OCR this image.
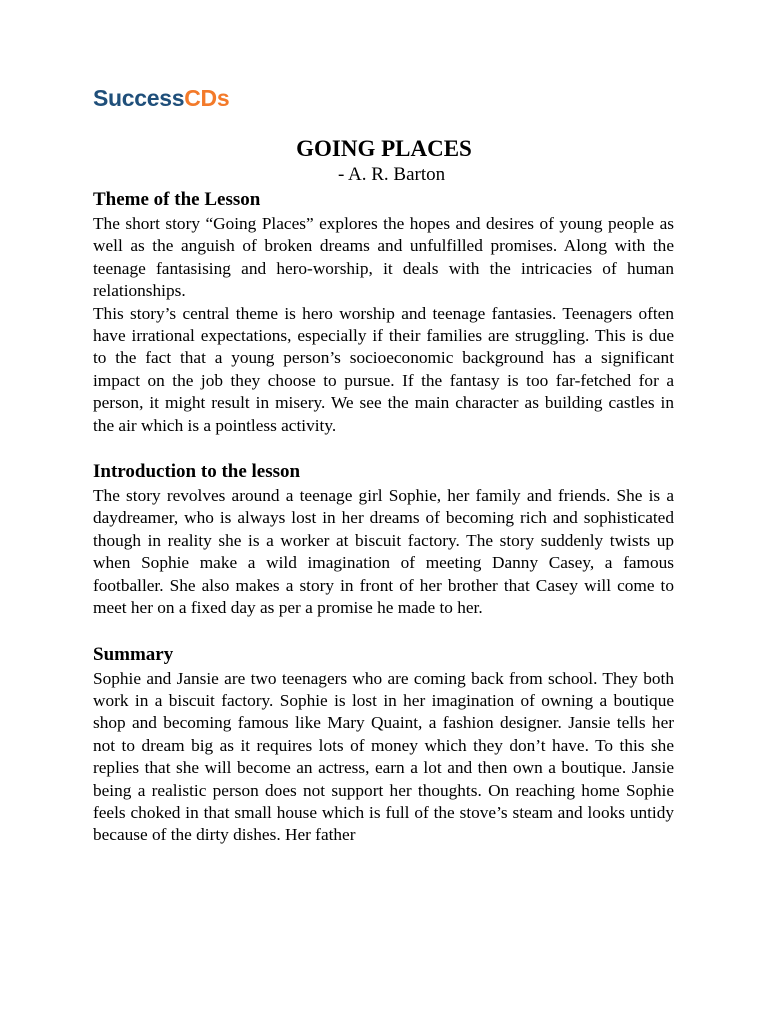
SuccessCDs
GOING PLACES
- A. R. Barton
Theme of the Lesson

The short story “Going Places” explores the hopes and desires of young people as well as the anguish of broken dreams and unfulfilled promises. Along with the teenage fantasising and hero-worship, it deals with the intricacies of human relationships.

This story’s central theme is hero worship and teenage fantasies. Teenagers often have irrational expectations, especially if their families are struggling. This is due to the fact that a young person’s socioeconomic background has a significant impact on the job they choose to pursue. If the fantasy is too far-fetched for a person, it might result in misery. We see the main character as building castles in the air which is a pointless activity.

Introduction to the lesson

The story revolves around a teenage girl Sophie, her family and friends. She is a daydreamer, who is always lost in her dreams of becoming rich and sophisticated though in reality she is a worker at biscuit factory. The story suddenly twists up when Sophie make a wild imagination of meeting Danny Casey, a famous footballer. She also makes a story in front of her brother that Casey will come to meet her on a fixed day as per a promise he made to her.

Summary

Sophie and Jansie are two teenagers who are coming back from school. They both work in a biscuit factory. Sophie is lost in her imagination of owning a boutique shop and becoming famous like Mary Quaint, a fashion designer. Jansie tells her not to dream big as it requires lots of money which they don’t have. To this she replies that she will become an actress, earn a lot and then own a boutique. Jansie being a realistic person does not support her thoughts. On reaching home Sophie feels choked in that small house which is full of the stove’s steam and looks untidy because of the dirty dishes. Her father
